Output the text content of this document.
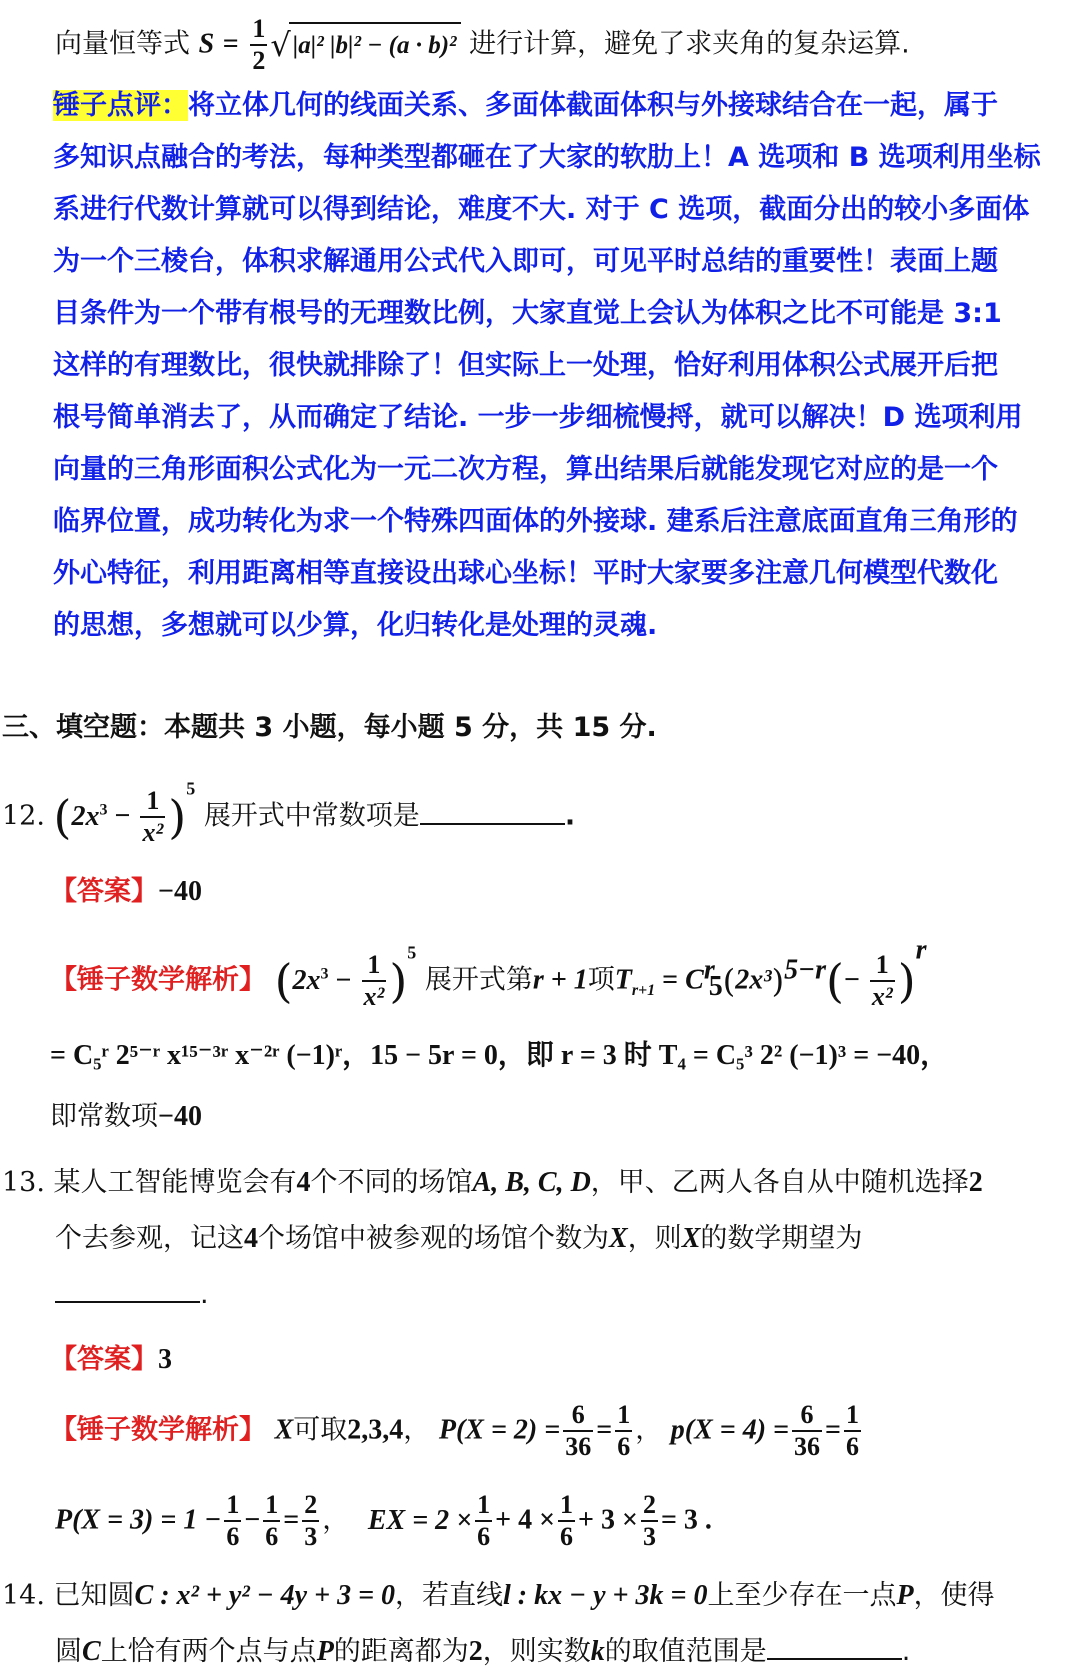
向量恒等式 $S = \frac{1}{2} √|a|^2$ |b|² − (a · b)² 进行计算，避免了求夹角的复杂运算.
锤子点评：将立体几何的线面关系、多面体截面体积与外接球结合在一起，属于
多知识点融合的考法，每种类型都砸在了大家的软肋上！A 选项和 B 选项利用坐标
系进行代数计算就可以得到结论，难度不大. 对于 C 选项，截面分出的较小多面体
为一个三棱台，体积求解通用公式代入即可，可见平时总结的重要性！表面上题
目条件为一个带有根号的无理数比例，大家直觉上会认为体积之比不可能是 3:1
这样的有理数比，很快就排除了！但实际上一处理，恰好利用体积公式展开后把
根号简单消去了，从而确定了结论. 一步一步细梳慢捋，就可以解决！D 选项利用
向量的三角形面积公式化为一元二次方程，算出结果后就能发现它对应的是一个
临界位置，成功转化为求一个特殊四面体的外接球. 建系后注意底面直角三角形的
外心特征，利用距离相等直接设出球心坐标！平时大家要多注意几何模型代数化
的思想，多想就可以少算，化归转化是处理的灵魂.
三、填空题：本题共 3 小题，每小题 5 分，共 15 分.
12. $(2x^3 - \frac{1}{\text{x²}} )^5$ 展开式中常数项是	.
【答案】−40
【锤子数学解析】 $(2x^3 - \frac{1}{\text{x²}} )^5$ 展开式第r + 1项$T_{r+1} = C^r_5(2x^3)^{5-r}(- \frac{1}{\text{x²}} )^r$
= C₅ʳ 2⁵⁻ʳ x¹⁵⁻³ʳ x⁻²ʳ (−1)ʳ，15 − 5r = 0，即 r = 3 时 T₄ = C₅³ 2² (−1)³ = −40，
即常数项−40
13. 某人工智能博览会有4个不同的场馆A, B, C, D，甲、乙两人各自从中随机选择2
个去参观，记这4个场馆中被参观的场馆个数为X，则X的数学期望为
.
【答案】3
【锤子数学解析】 X可取2,3,4， $P(X = 2) = \frac{6}{36} = \frac{1}{6}$ ， $p(X = 4) = \frac{6}{36} = \frac{1}{6}$
$P(X = 3) = 1 - \frac{1}{6} - \frac{1}{6} = \frac{2}{3}$ ， EX = $2 \times \frac{1}{6} + 4 \times \frac{1}{6} + 3 \times \frac{2}{3} = 3$ .
14. 已知圆C : x² + y² − 4y + 3 = 0，若直线l : kx − y + 3k = 0上至少存在一点P，使得
圆C上恰有两个点与点P的距离都为2，则实数k的取值范围是	.
